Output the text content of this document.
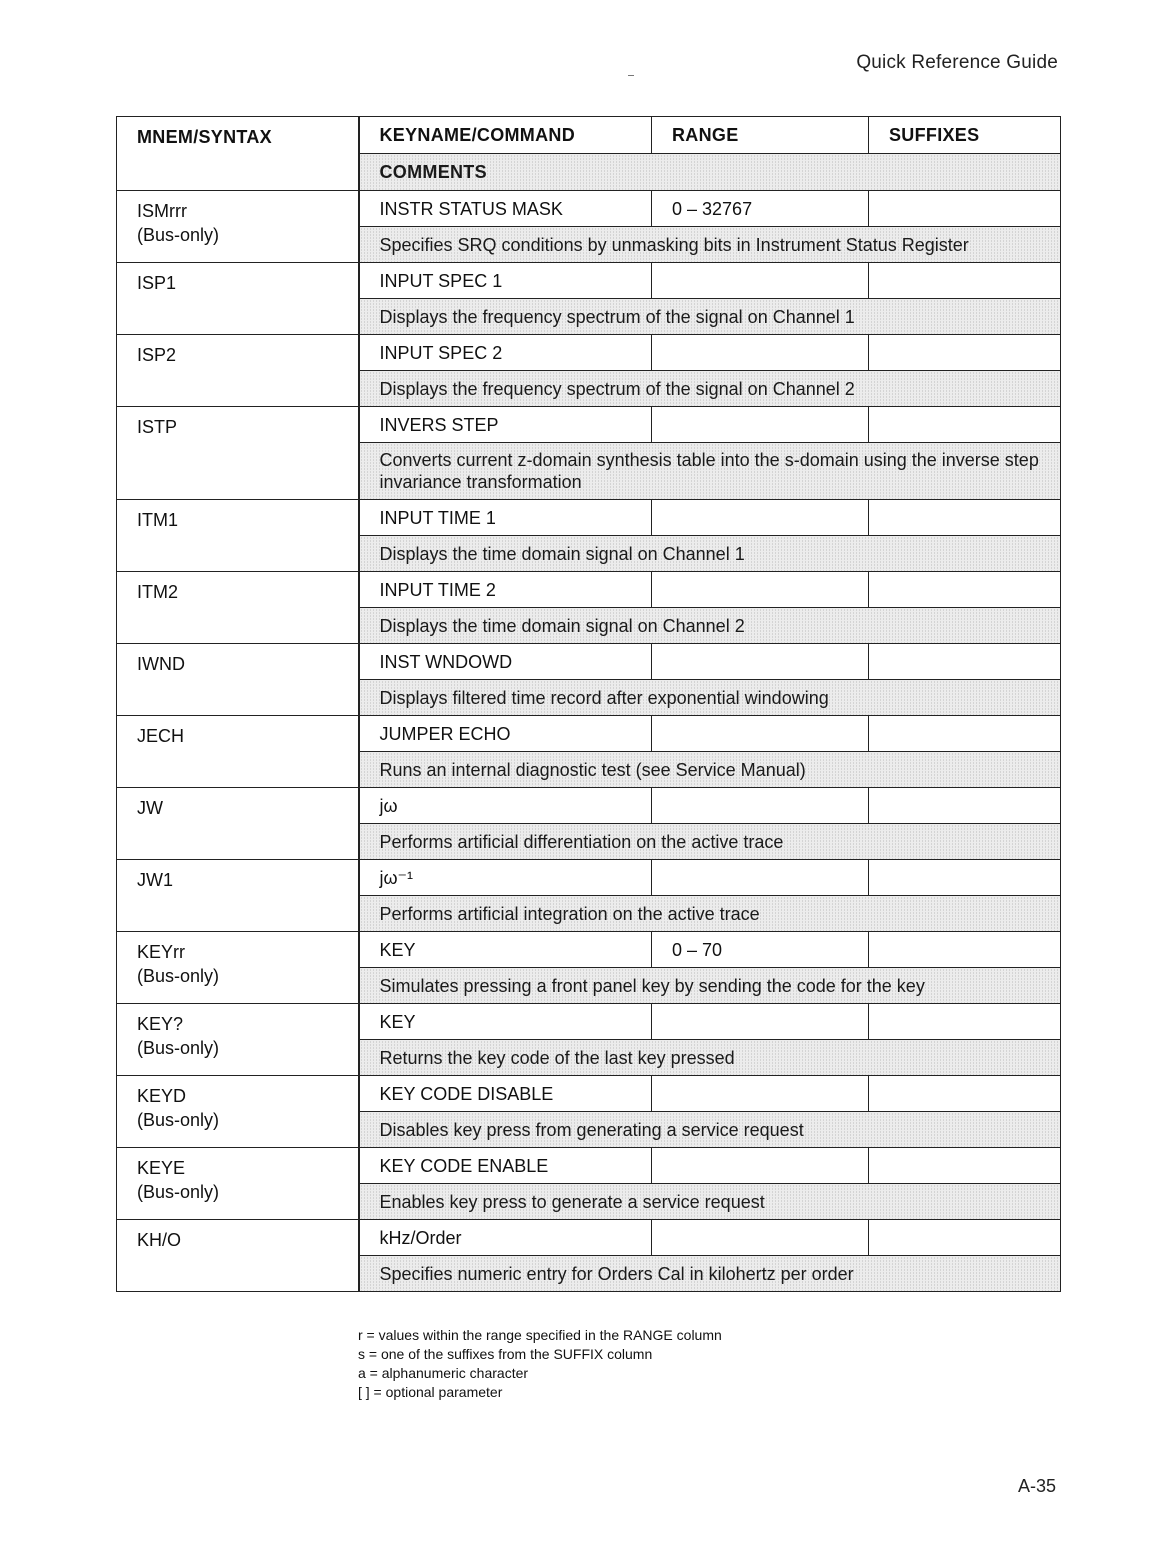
Quick Reference Guide
MNEM/SYNTAX	KEYNAME/COMMAND	RANGE	SUFFIXES
	COMMENTS		
ISMrrr
(Bus-only)	INSTR STATUS MASK	0 – 32767	
	Specifies SRQ conditions by unmasking bits in Instrument Status Register		
ISP1	INPUT SPEC 1		
	Displays the frequency spectrum of the signal on Channel 1		
ISP2	INPUT SPEC 2		
	Displays the frequency spectrum of the signal on Channel 2		
ISTP	INVERS STEP		
	Converts current z-domain synthesis table into the s-domain using the inverse step invariance transformation		
ITM1	INPUT TIME 1		
	Displays the time domain signal on Channel 1		
ITM2	INPUT TIME 2		
	Displays the time domain signal on Channel 2		
IWND	INST WNDOWD		
	Displays filtered time record after exponential windowing		
JECH	JUMPER ECHO		
	Runs an internal diagnostic test (see Service Manual)		
JW	jω		
	Performs artificial differentiation on the active trace		
JW1	jω⁻¹		
	Performs artificial integration on the active trace		
KEYrr
(Bus-only)	KEY	0 – 70	
	Simulates pressing a front panel key by sending the code for the key		
KEY?
(Bus-only)	KEY		
	Returns the key code of the last key pressed		
KEYD
(Bus-only)	KEY CODE DISABLE		
	Disables key press from generating a service request		
KEYE
(Bus-only)	KEY CODE ENABLE		
	Enables key press to generate a service request		
KH/O	kHz/Order		
	Specifies numeric entry for Orders Cal in kilohertz per order		
r = values within the range specified in the RANGE column
s = one of the suffixes from the SUFFIX column
a = alphanumeric character
[ ] = optional parameter
A-35
